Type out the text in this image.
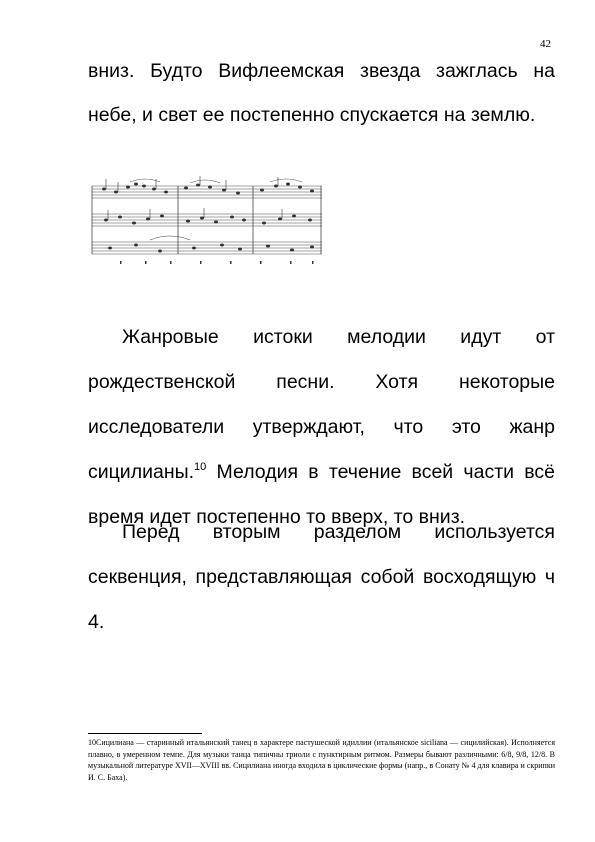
42

вниз. Будто Вифлеемская звезда зажглась на
небе, и свет ее постепенно спускается на землю.

Жанровые истоки мелодии идут от
рождественской песни. Хотя некоторые
исследователи утверждают, что это жанр
сицилианы.$^{10}$ Мелодия в течение всей части всё
время идет постепенно то вверх, то вниз.

Перед вторым разделом используется
секвенция, представляющая собой восходящую ч
4.

10Сицилиана — старинный итальянский танец в характере пастушеской идиллии (итальянское siciliana — сицилийская). Исполняется плавно, в умеренном темпе. Для музыки танца типичны триоли с пунктирным ритмом. Размеры бывают различными: 6/8, 9/8, 12/8. В музыкальной литературе XVII—XVIII вв. Сицилиана иногда входила в циклические формы (напр., в Сонату № 4 для клавира и скрипки И. С. Баха).
